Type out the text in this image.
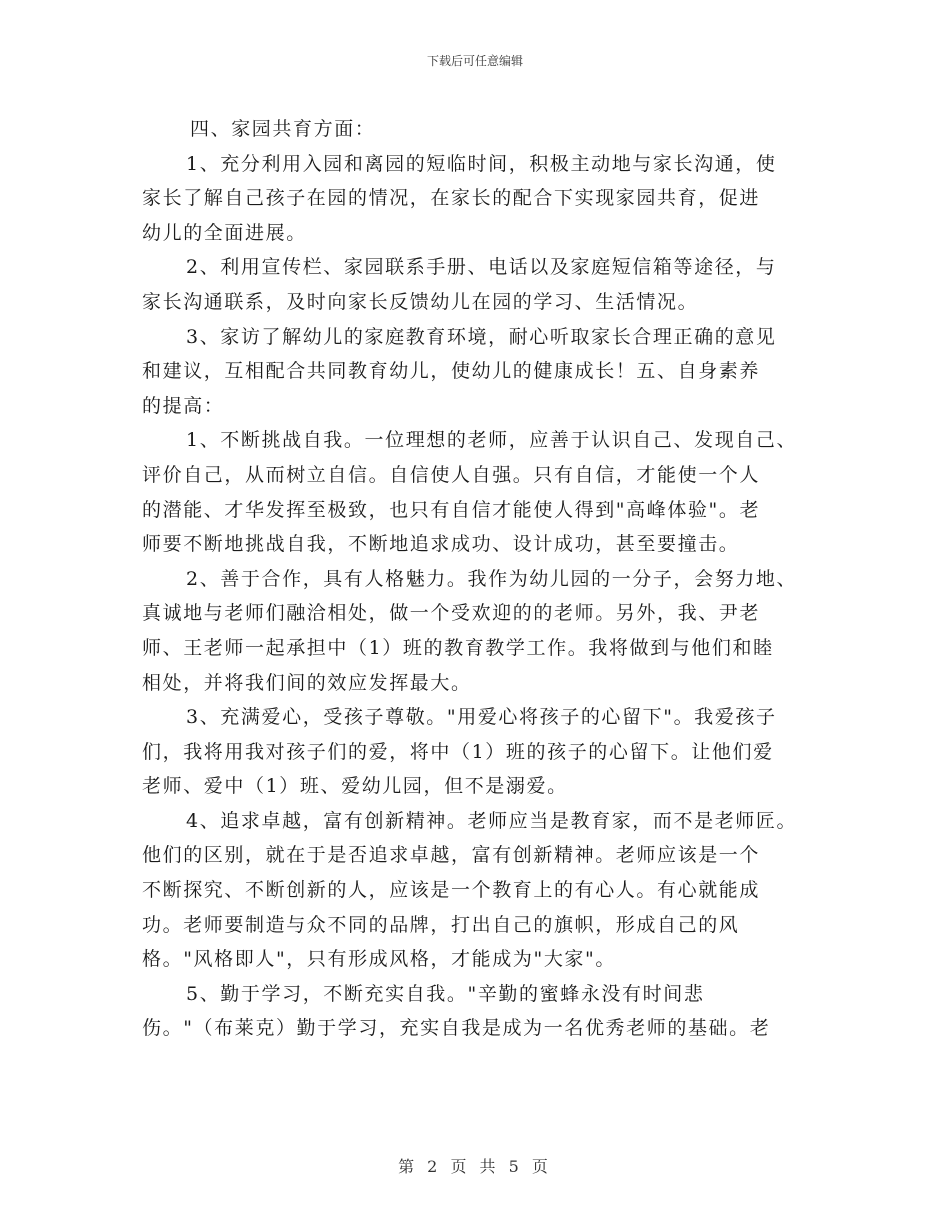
下载后可任意编辑
四、家园共育方面：
1、充分利用入园和离园的短临时间，积极主动地与家长沟通，使
家长了解自己孩子在园的情况，在家长的配合下实现家园共育，促进
幼儿的全面进展。
2、利用宣传栏、家园联系手册、电话以及家庭短信箱等途径，与
家长沟通联系，及时向家长反馈幼儿在园的学习、生活情况。
3、家访了解幼儿的家庭教育环境，耐心听取家长合理正确的意见
和建议，互相配合共同教育幼儿，使幼儿的健康成长！五、自身素养
的提高：
1、不断挑战自我。一位理想的老师，应善于认识自己、发现自己、
评价自己，从而树立自信。自信使人自强。只有自信，才能使一个人
的潜能、才华发挥至极致，也只有自信才能使人得到"高峰体验"。老
师要不断地挑战自我，不断地追求成功、设计成功，甚至要撞击。
2、善于合作，具有人格魅力。我作为幼儿园的一分子，会努力地、
真诚地与老师们融洽相处，做一个受欢迎的的老师。另外，我、尹老
师、王老师一起承担中（1）班的教育教学工作。我将做到与他们和睦
相处，并将我们间的效应发挥最大。
3、充满爱心，受孩子尊敬。"用爱心将孩子的心留下"。我爱孩子
们，我将用我对孩子们的爱，将中（1）班的孩子的心留下。让他们爱
老师、爱中（1）班、爱幼儿园，但不是溺爱。
4、追求卓越，富有创新精神。老师应当是教育家，而不是老师匠。
他们的区别，就在于是否追求卓越，富有创新精神。老师应该是一个
不断探究、不断创新的人，应该是一个教育上的有心人。有心就能成
功。老师要制造与众不同的品牌，打出自己的旗帜，形成自己的风
格。"风格即人"，只有形成风格，才能成为"大家"。
5、勤于学习，不断充实自我。"辛勤的蜜蜂永没有时间悲
伤。"（布莱克）勤于学习，充实自我是成为一名优秀老师的基础。老
第 2 页 共 5 页
